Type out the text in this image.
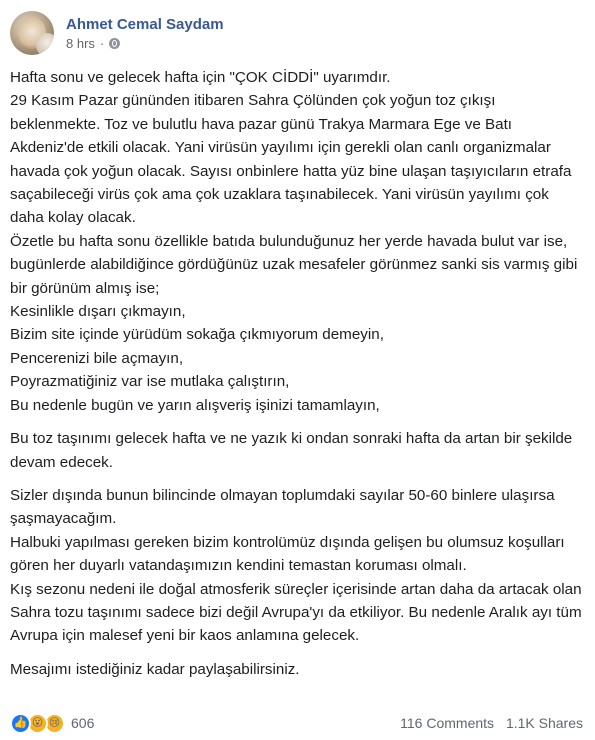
Ahmet Cemal Saydam
8 hrs ·

Hafta sonu ve gelecek hafta için "ÇOK CİDDİ" uyarımdır.
29 Kasım Pazar gününden itibaren Sahra Çölünden çok yoğun toz çıkışı beklenmekte. Toz ve bulutlu hava pazar günü Trakya Marmara Ege ve Batı Akdeniz'de etkili olacak. Yani virüsün yayılımı için gerekli olan canlı organizmalar havada çok yoğun olacak. Sayısı onbinlere hatta yüz bine ulaşan taşıyıcıların etrafa saçabileceği virüs çok ama çok uzaklara taşınabilecek. Yani virüsün yayılımı çok daha kolay olacak.
Özetle bu hafta sonu özellikle batıda bulunduğunuz her yerde havada bulut var ise, bugünlerde alabildiğince gördüğünüz uzak mesafeler görünmez sanki sis varmış gibi bir görünüm almış ise;
Kesinlikle dışarı çıkmayın,
Bizim site içinde yürüdüm sokağa çıkmıyorum demeyin,
Pencerenizi bile açmayın,
Poyrazmatiğiniz var ise mutlaka çalıştırın,
Bu nedenle bugün ve yarın alışveriş işinizi tamamlayın,

Bu toz taşınımı gelecek hafta ve ne yazık ki ondan sonraki hafta da artan bir şekilde devam edecek.

Sizler dışında bunun bilincinde olmayan toplumdaki sayılar 50-60 binlere ulaşırsa şaşmayacağım.
Halbuki yapılması gereken bizim kontrolümüz dışında gelişen bu olumsuz koşulları gören her duyarlı vatandaşımızın kendini temastan koruması olmalı.
Kış sezonu nedeni ile doğal atmosferik süreçler içerisinde artan daha da artacak olan Sahra tozu taşınımı sadece bizi değil Avrupa'yı da etkiliyor. Bu nedenle Aralık ayı tüm Avrupa için malesef yeni bir kaos anlamına gelecek.

Mesajımı istediğiniz kadar paylaşabilirsiniz.

👍 😮 😢 606	116 Comments 1.1K Shares
